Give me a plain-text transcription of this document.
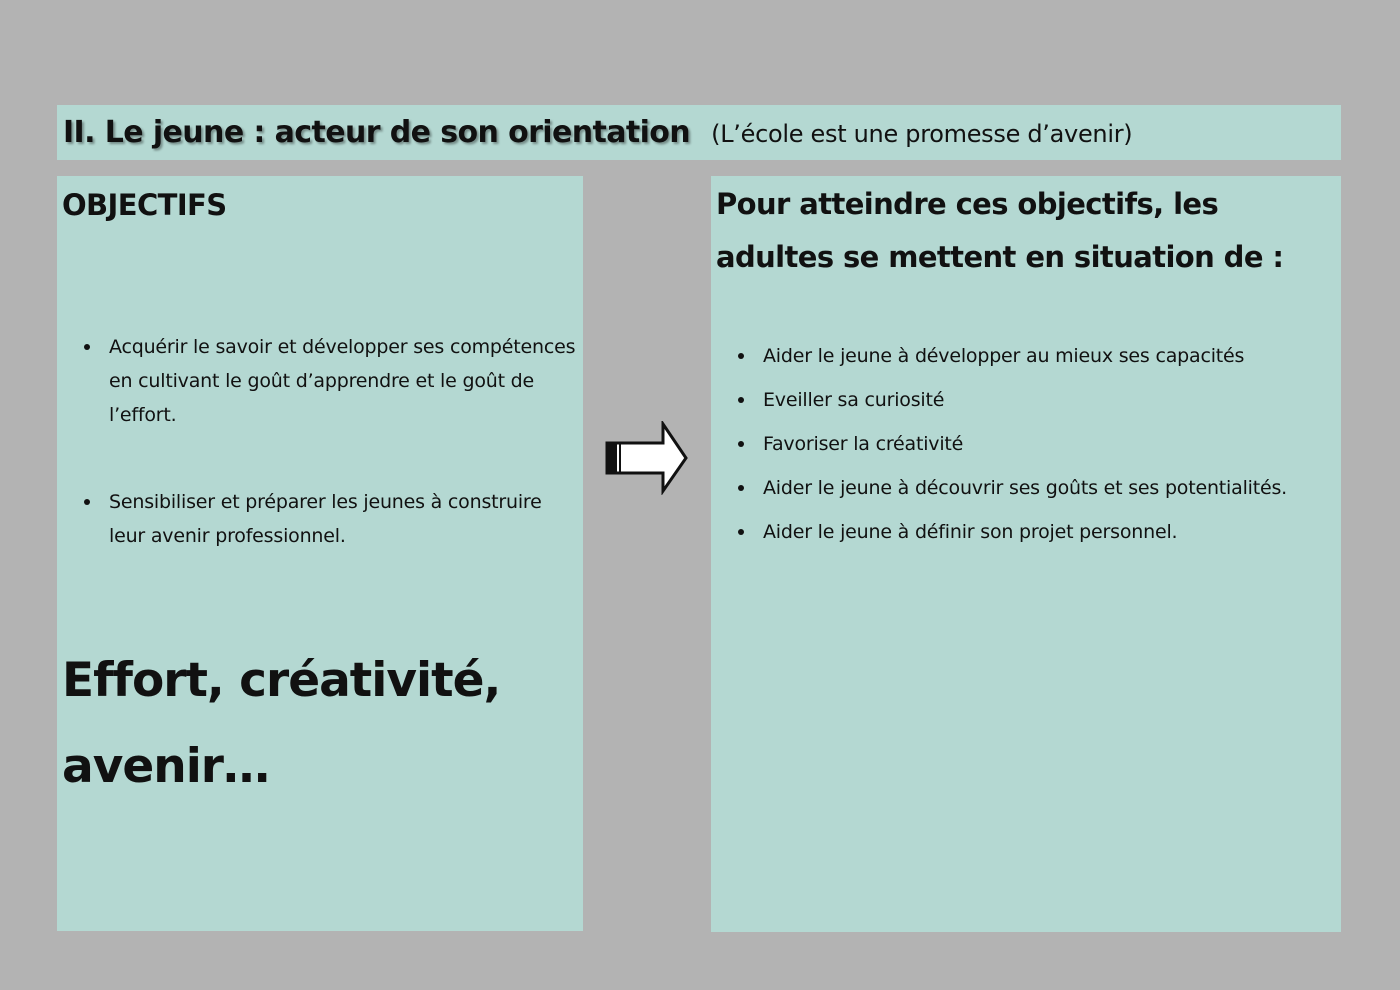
II. Le jeune : acteur de son orientation (L’école est une promesse d’avenir)
OBJECTIFS
Acquérir le savoir et développer ses compétences en cultivant le goût d’apprendre et le goût de l’effort.
Sensibiliser et préparer les jeunes à construire leur avenir professionnel.

Effort, créativité, avenir…

Pour atteindre ces objectifs, les adultes se mettent en situation de :
Aider le jeune à développer au mieux ses capacités
Eveiller sa curiosité
Favoriser la créativité
Aider le jeune à découvrir ses goûts et ses potentialités.
Aider le jeune à définir son projet personnel.
